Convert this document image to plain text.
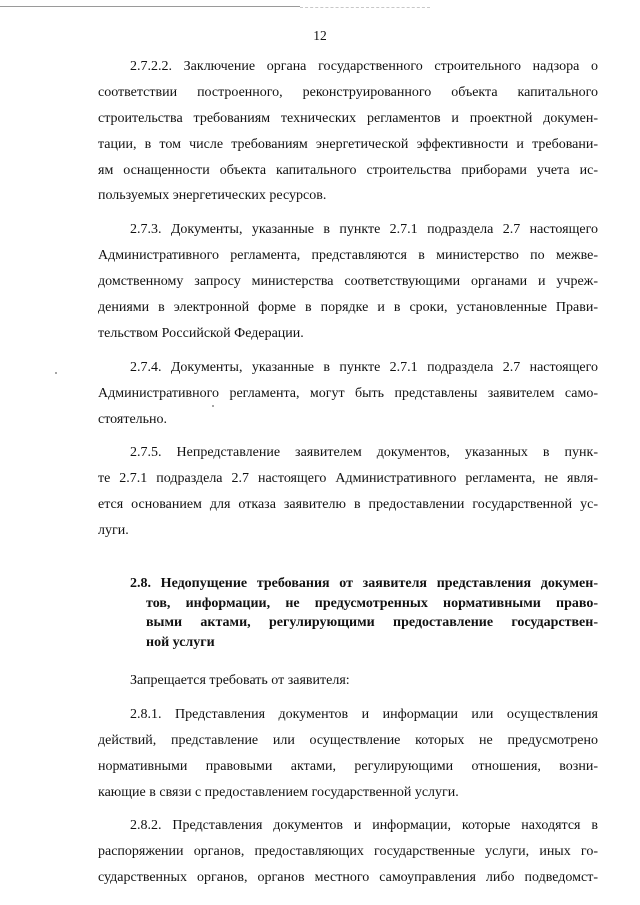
12
2.7.2.2. Заключение органа государственного строительного надзора о
соответствии построенного, реконструированного объекта капитального
строительства требованиям технических регламентов и проектной докумен-
тации, в том числе требованиям энергетической эффективности и требовани-
ям оснащенности объекта капитального строительства приборами учета ис-
пользуемых энергетических ресурсов.
2.7.3. Документы, указанные в пункте 2.7.1 подраздела 2.7 настоящего
Административного регламента, представляются в министерство по межве-
домственному запросу министерства соответствующими органами и учреж-
дениями в электронной форме в порядке и в сроки, установленные Прави-
тельством Российской Федерации.
2.7.4. Документы, указанные в пункте 2.7.1 подраздела 2.7 настоящего
Административного регламента, могут быть представлены заявителем само-
стоятельно.
2.7.5. Непредставление заявителем документов, указанных в пунк-
те 2.7.1 подраздела 2.7 настоящего Административного регламента, не явля-
ется основанием для отказа заявителю в предоставлении государственной ус-
луги.
2.8. Недопущение требования от заявителя представления докумен-
тов, информации, не предусмотренных нормативными право-
выми актами, регулирующими предоставление государствен-
ной услуги
Запрещается требовать от заявителя:
2.8.1. Представления документов и информации или осуществления
действий, представление или осуществление которых не предусмотрено
нормативными правовыми актами, регулирующими отношения, возни-
кающие в связи с предоставлением государственной услуги.
2.8.2. Представления документов и информации, которые находятся в
распоряжении органов, предоставляющих государственные услуги, иных го-
сударственных органов, органов местного самоуправления либо подведомст-
